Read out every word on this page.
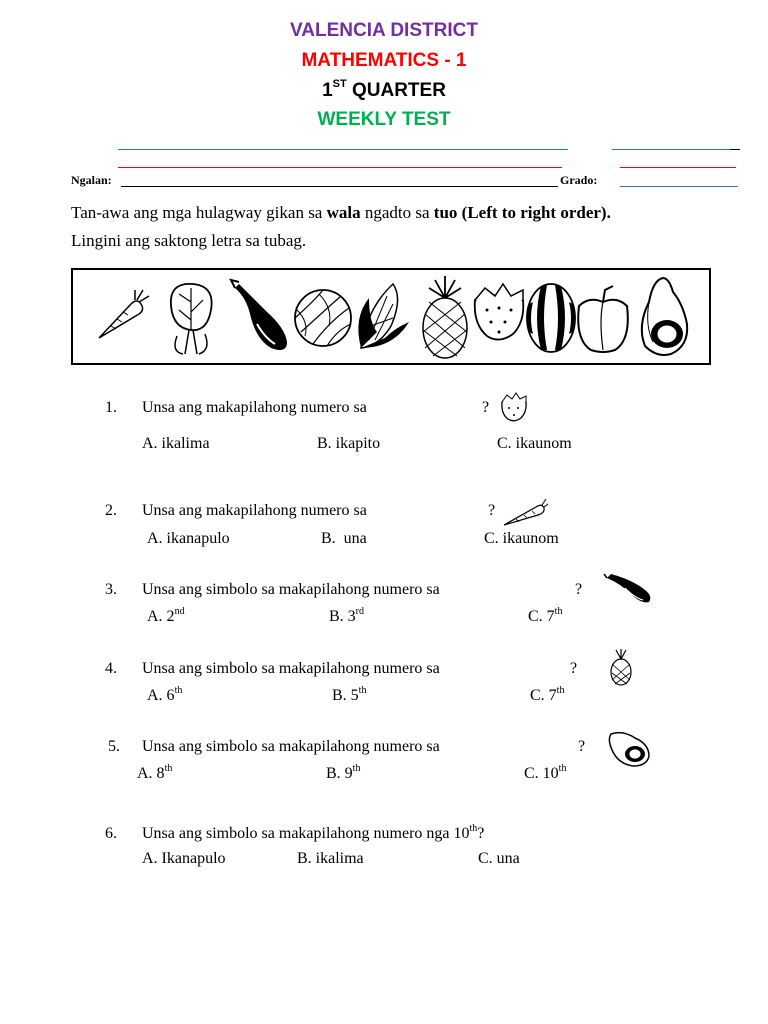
VALENCIA DISTRICT
MATHEMATICS - 1
1ST QUARTER
WEEKLY TEST
Ngalan:	Grado:
Tan-awa ang mga hulagway gikan sa wala ngadto sa tuo (Left to right order).
Lingini ang saktong letra sa tubag.
1. Unsa ang makapilahong numero sa	?
A. ikalima	B. ikapito	C. ikaunom
2. Unsa ang makapilahong numero sa	?
A. ikanapulo	B.  una	C. ikaunom
3. Unsa ang simbolo sa makapilahong numero sa	?
A. 2nd	B. 3rd	C. 7th
4. Unsa ang simbolo sa makapilahong numero sa	?
A. 6th	B. 5th	C. 7th
5. Unsa ang simbolo sa makapilahong numero sa	?
A. 8th	B. 9th	C. 10th
6. Unsa ang simbolo sa makapilahong numero nga 10th?
A. Ikanapulo	B. ikalima	C. una
